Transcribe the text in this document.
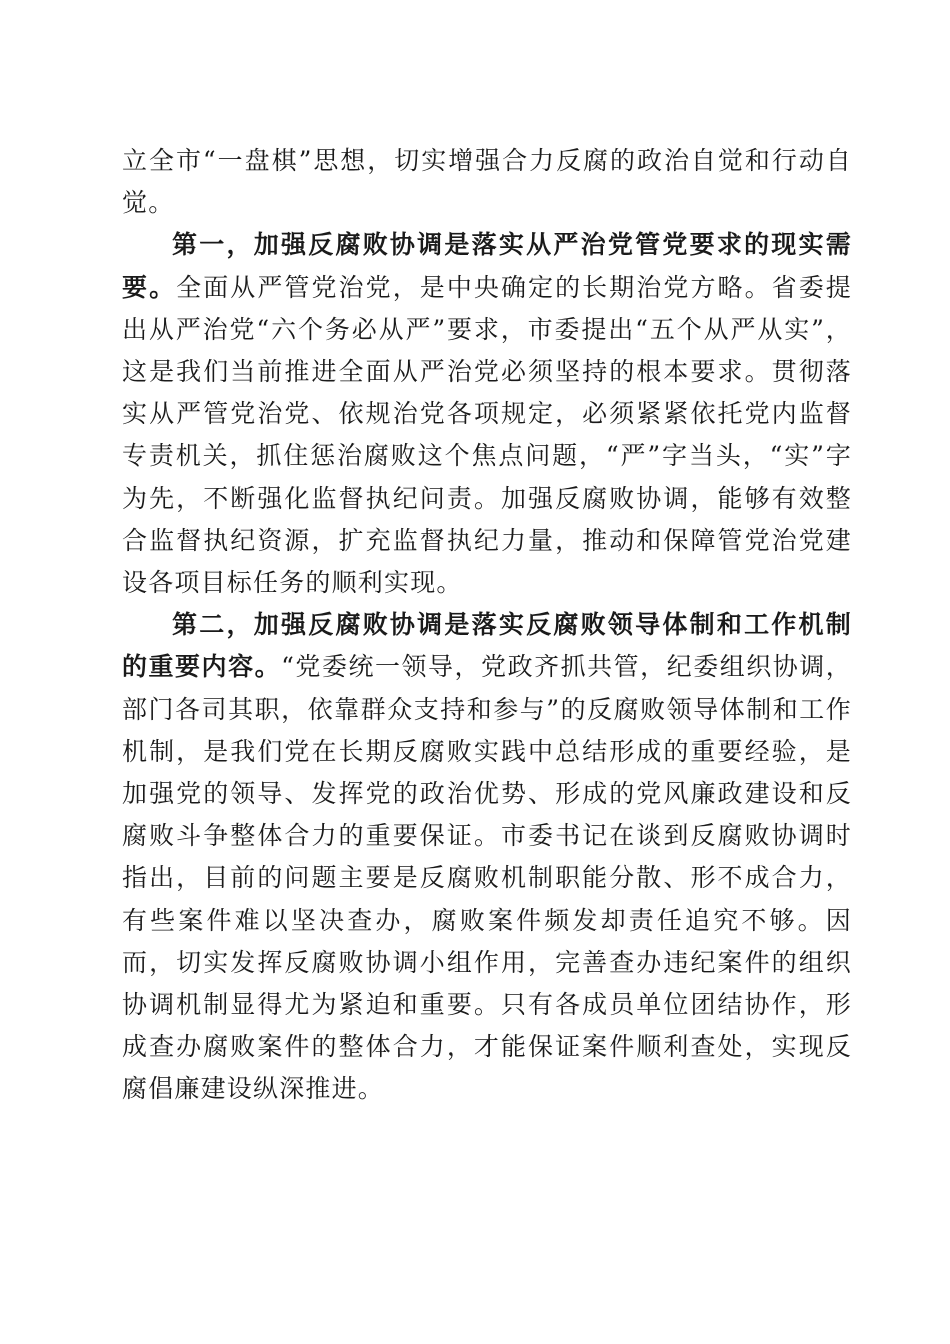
立全市“一盘棋”思想，切实增强合力反腐的政治自觉和行动自觉。

第一，加强反腐败协调是落实从严治党管党要求的现实需要。全面从严管党治党，是中央确定的长期治党方略。省委提出从严治党“六个务必从严”要求，市委提出“五个从严从实”，这是我们当前推进全面从严治党必须坚持的根本要求。贯彻落实从严管党治党、依规治党各项规定，必须紧紧依托党内监督专责机关，抓住惩治腐败这个焦点问题，“严”字当头，“实”字为先，不断强化监督执纪问责。加强反腐败协调，能够有效整合监督执纪资源，扩充监督执纪力量，推动和保障管党治党建设各项目标任务的顺利实现。

第二，加强反腐败协调是落实反腐败领导体制和工作机制的重要内容。“党委统一领导，党政齐抓共管，纪委组织协调，部门各司其职，依靠群众支持和参与”的反腐败领导体制和工作机制，是我们党在长期反腐败实践中总结形成的重要经验，是加强党的领导、发挥党的政治优势、形成的党风廉政建设和反腐败斗争整体合力的重要保证。市委书记在谈到反腐败协调时指出，目前的问题主要是反腐败机制职能分散、形不成合力，有些案件难以坚决查办，腐败案件频发却责任追究不够。因而，切实发挥反腐败协调小组作用，完善查办违纪案件的组织协调机制显得尤为紧迫和重要。只有各成员单位团结协作，形成查办腐败案件的整体合力，才能保证案件顺利查处，实现反腐倡廉建设纵深推进。
